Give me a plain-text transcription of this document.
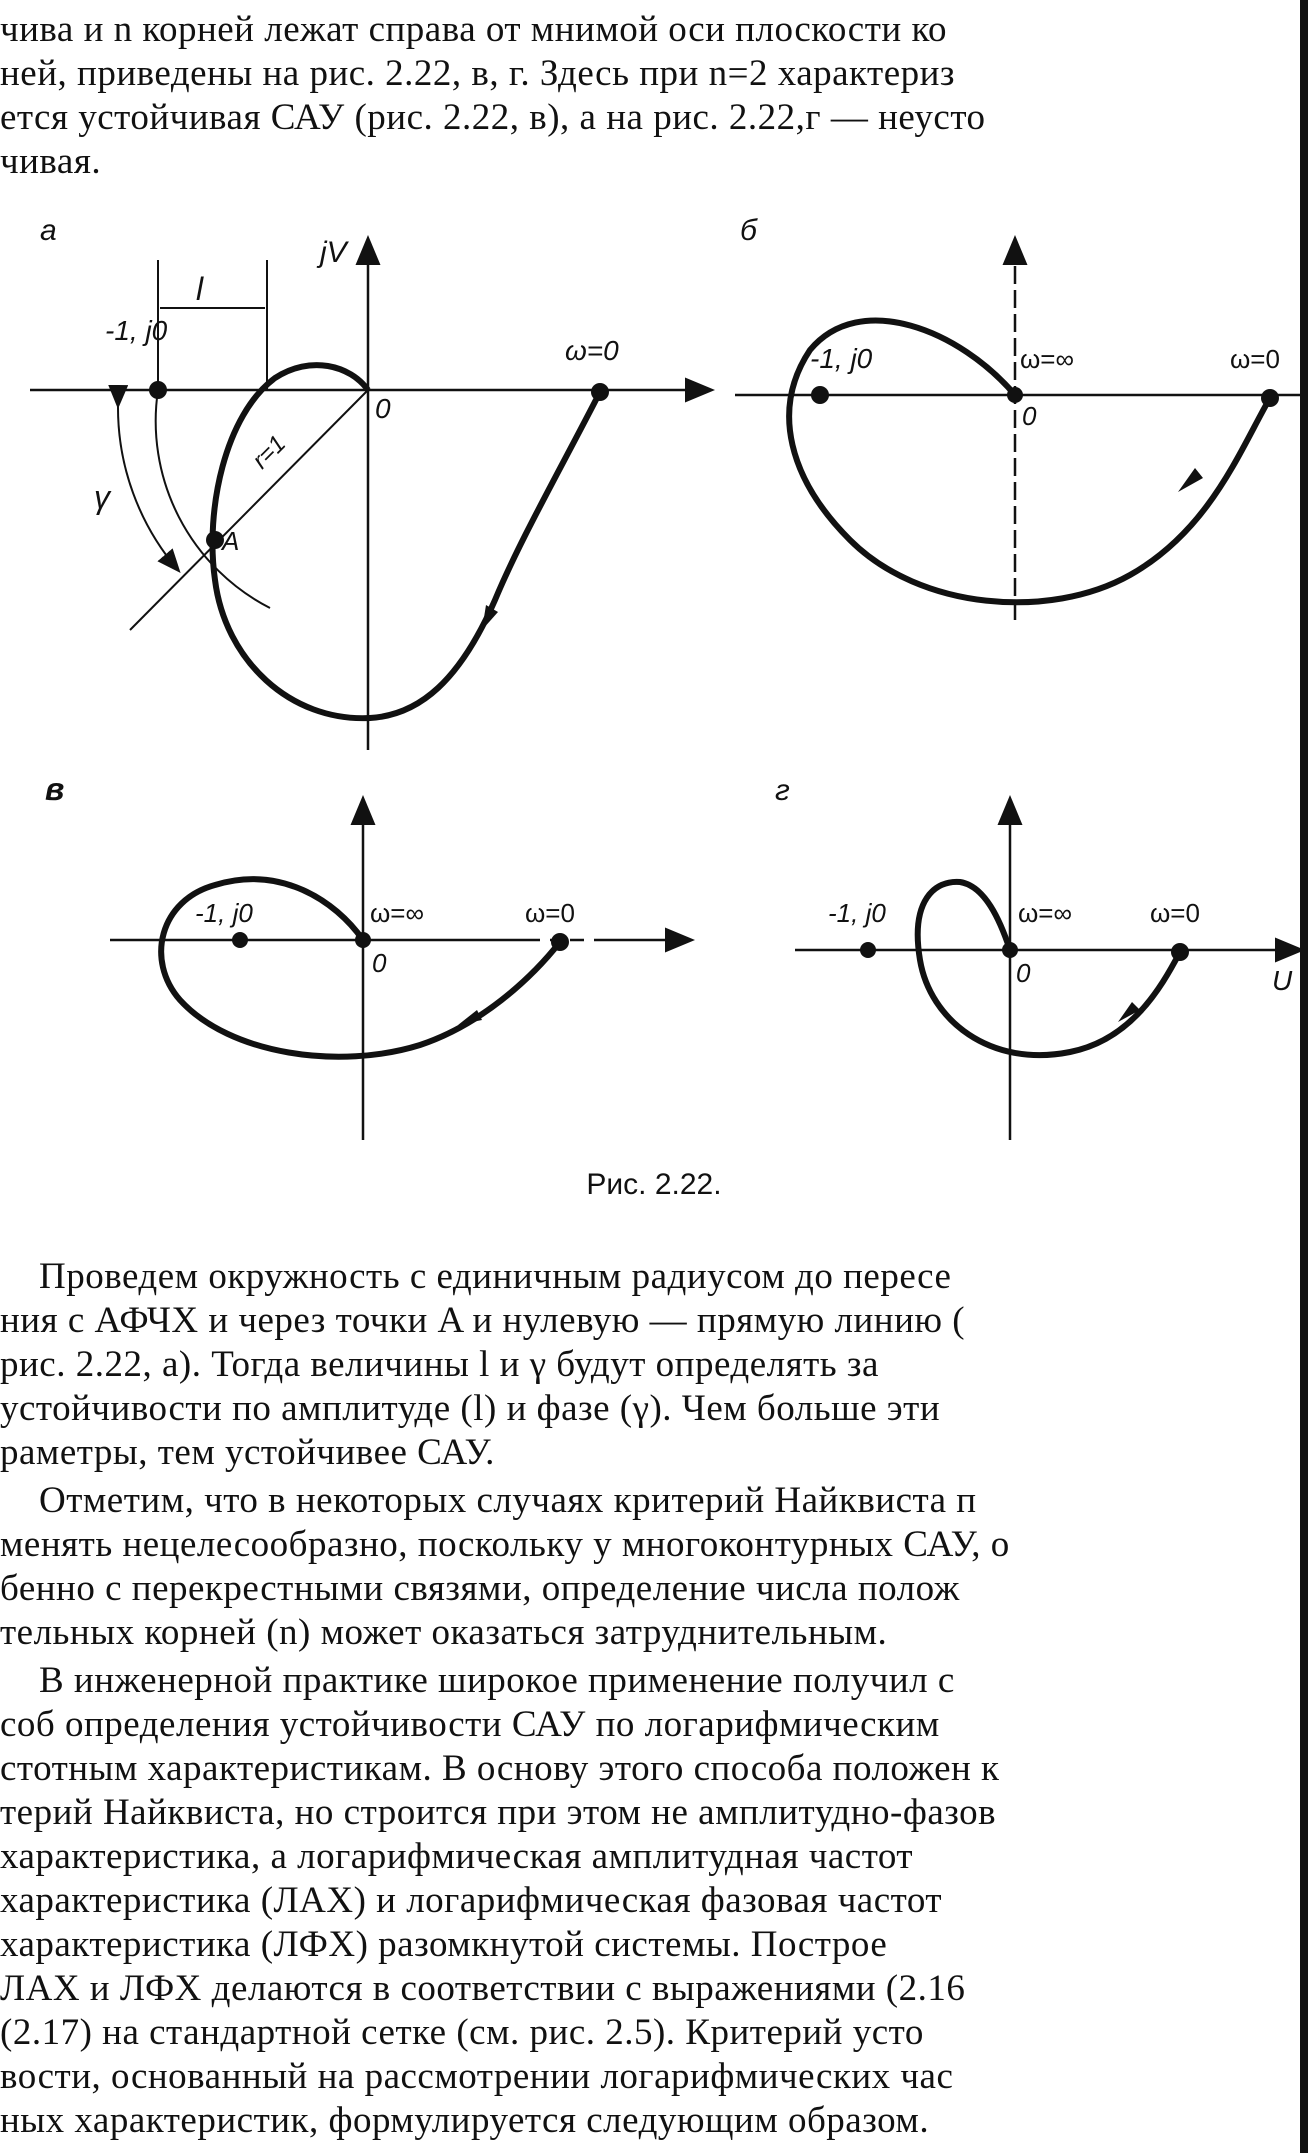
чива и n корней лежат справа от мнимой оси плоскости ко
ней, приведены на рис. 2.22, в, г. Здесь при n=2 характериз
ется устойчивая САУ (рис. 2.22, в), а на рис. 2.22,г — неусто
чивая.
а
jV
l
γ
r=1
-1, j0
0
ω=0
A
б
-1, j0	ω=∞	ω=0
0
в
-1, j0	ω=∞	ω=0
0
г
-1, j0	ω=∞	ω=0
0	U
Рис. 2.22.
Проведем окружность с единичным радиусом до пересе
ния с АФЧХ и через точки A и нулевую — прямую линию (
рис. 2.22, а). Тогда величины l и γ будут определять за
устойчивости по амплитуде (l) и фазе (γ). Чем больше эти
раметры, тем устойчивее САУ.
Отметим, что в некоторых случаях критерий Найквиста п
менять нецелесообразно, поскольку у многоконтурных САУ, о
бенно с перекрестными связями, определение числа полож
тельных корней (n) может оказаться затруднительным.
В инженерной практике широкое применение получил с
соб определения устойчивости САУ по логарифмическим
стотным характеристикам. В основу этого способа положен к
терий Найквиста, но строится при этом не амплитудно-фазов
характеристика, а логарифмическая амплитудная частот
характеристика (ЛАХ) и логарифмическая фазовая частот
характеристика (ЛФХ) разомкнутой системы. Построе
ЛАХ и ЛФХ делаются в соответствии с выражениями (2.16
(2.17) на стандартной сетке (см. рис. 2.5). Критерий усто
вости, основанный на рассмотрении логарифмических час
ных характеристик, формулируется следующим образом.
